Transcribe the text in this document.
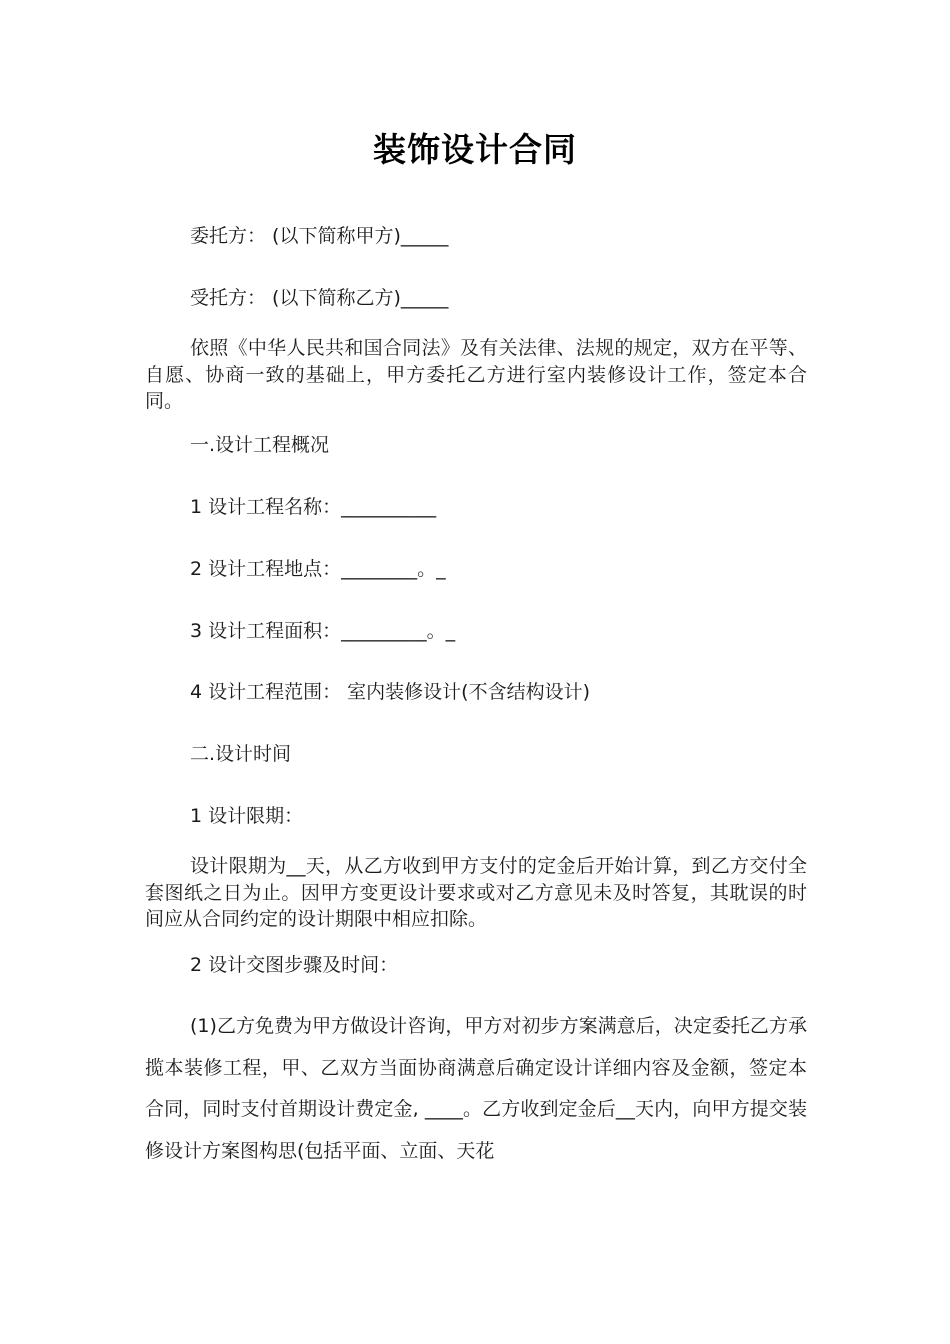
装饰设计合同
委托方： (以下简称甲方)_____
受托方： (以下简称乙方)_____
依照《中华人民共和国合同法》及有关法律、法规的规定，双方在平等、自愿、协商一致的基础上，甲方委托乙方进行室内装修设计工作，签定本合同。
一.设计工程概况
1 设计工程名称：__________
2 设计工程地点：________。_
3 设计工程面积：_________。_
4 设计工程范围： 室内装修设计(不含结构设计)
二.设计时间
1 设计限期：
设计限期为__天，从乙方收到甲方支付的定金后开始计算，到乙方交付全套图纸之日为止。因甲方变更设计要求或对乙方意见未及时答复，其耽误的时间应从合同约定的设计期限中相应扣除。
2 设计交图步骤及时间：
(1)乙方免费为甲方做设计咨询，甲方对初步方案满意后，决定委托乙方承揽本装修工程，甲、乙双方当面协商满意后确定设计详细内容及金额，签定本合同，同时支付首期设计费定金, ____。乙方收到定金后__天内，向甲方提交装修设计方案图构思(包括平面、立面、天花
